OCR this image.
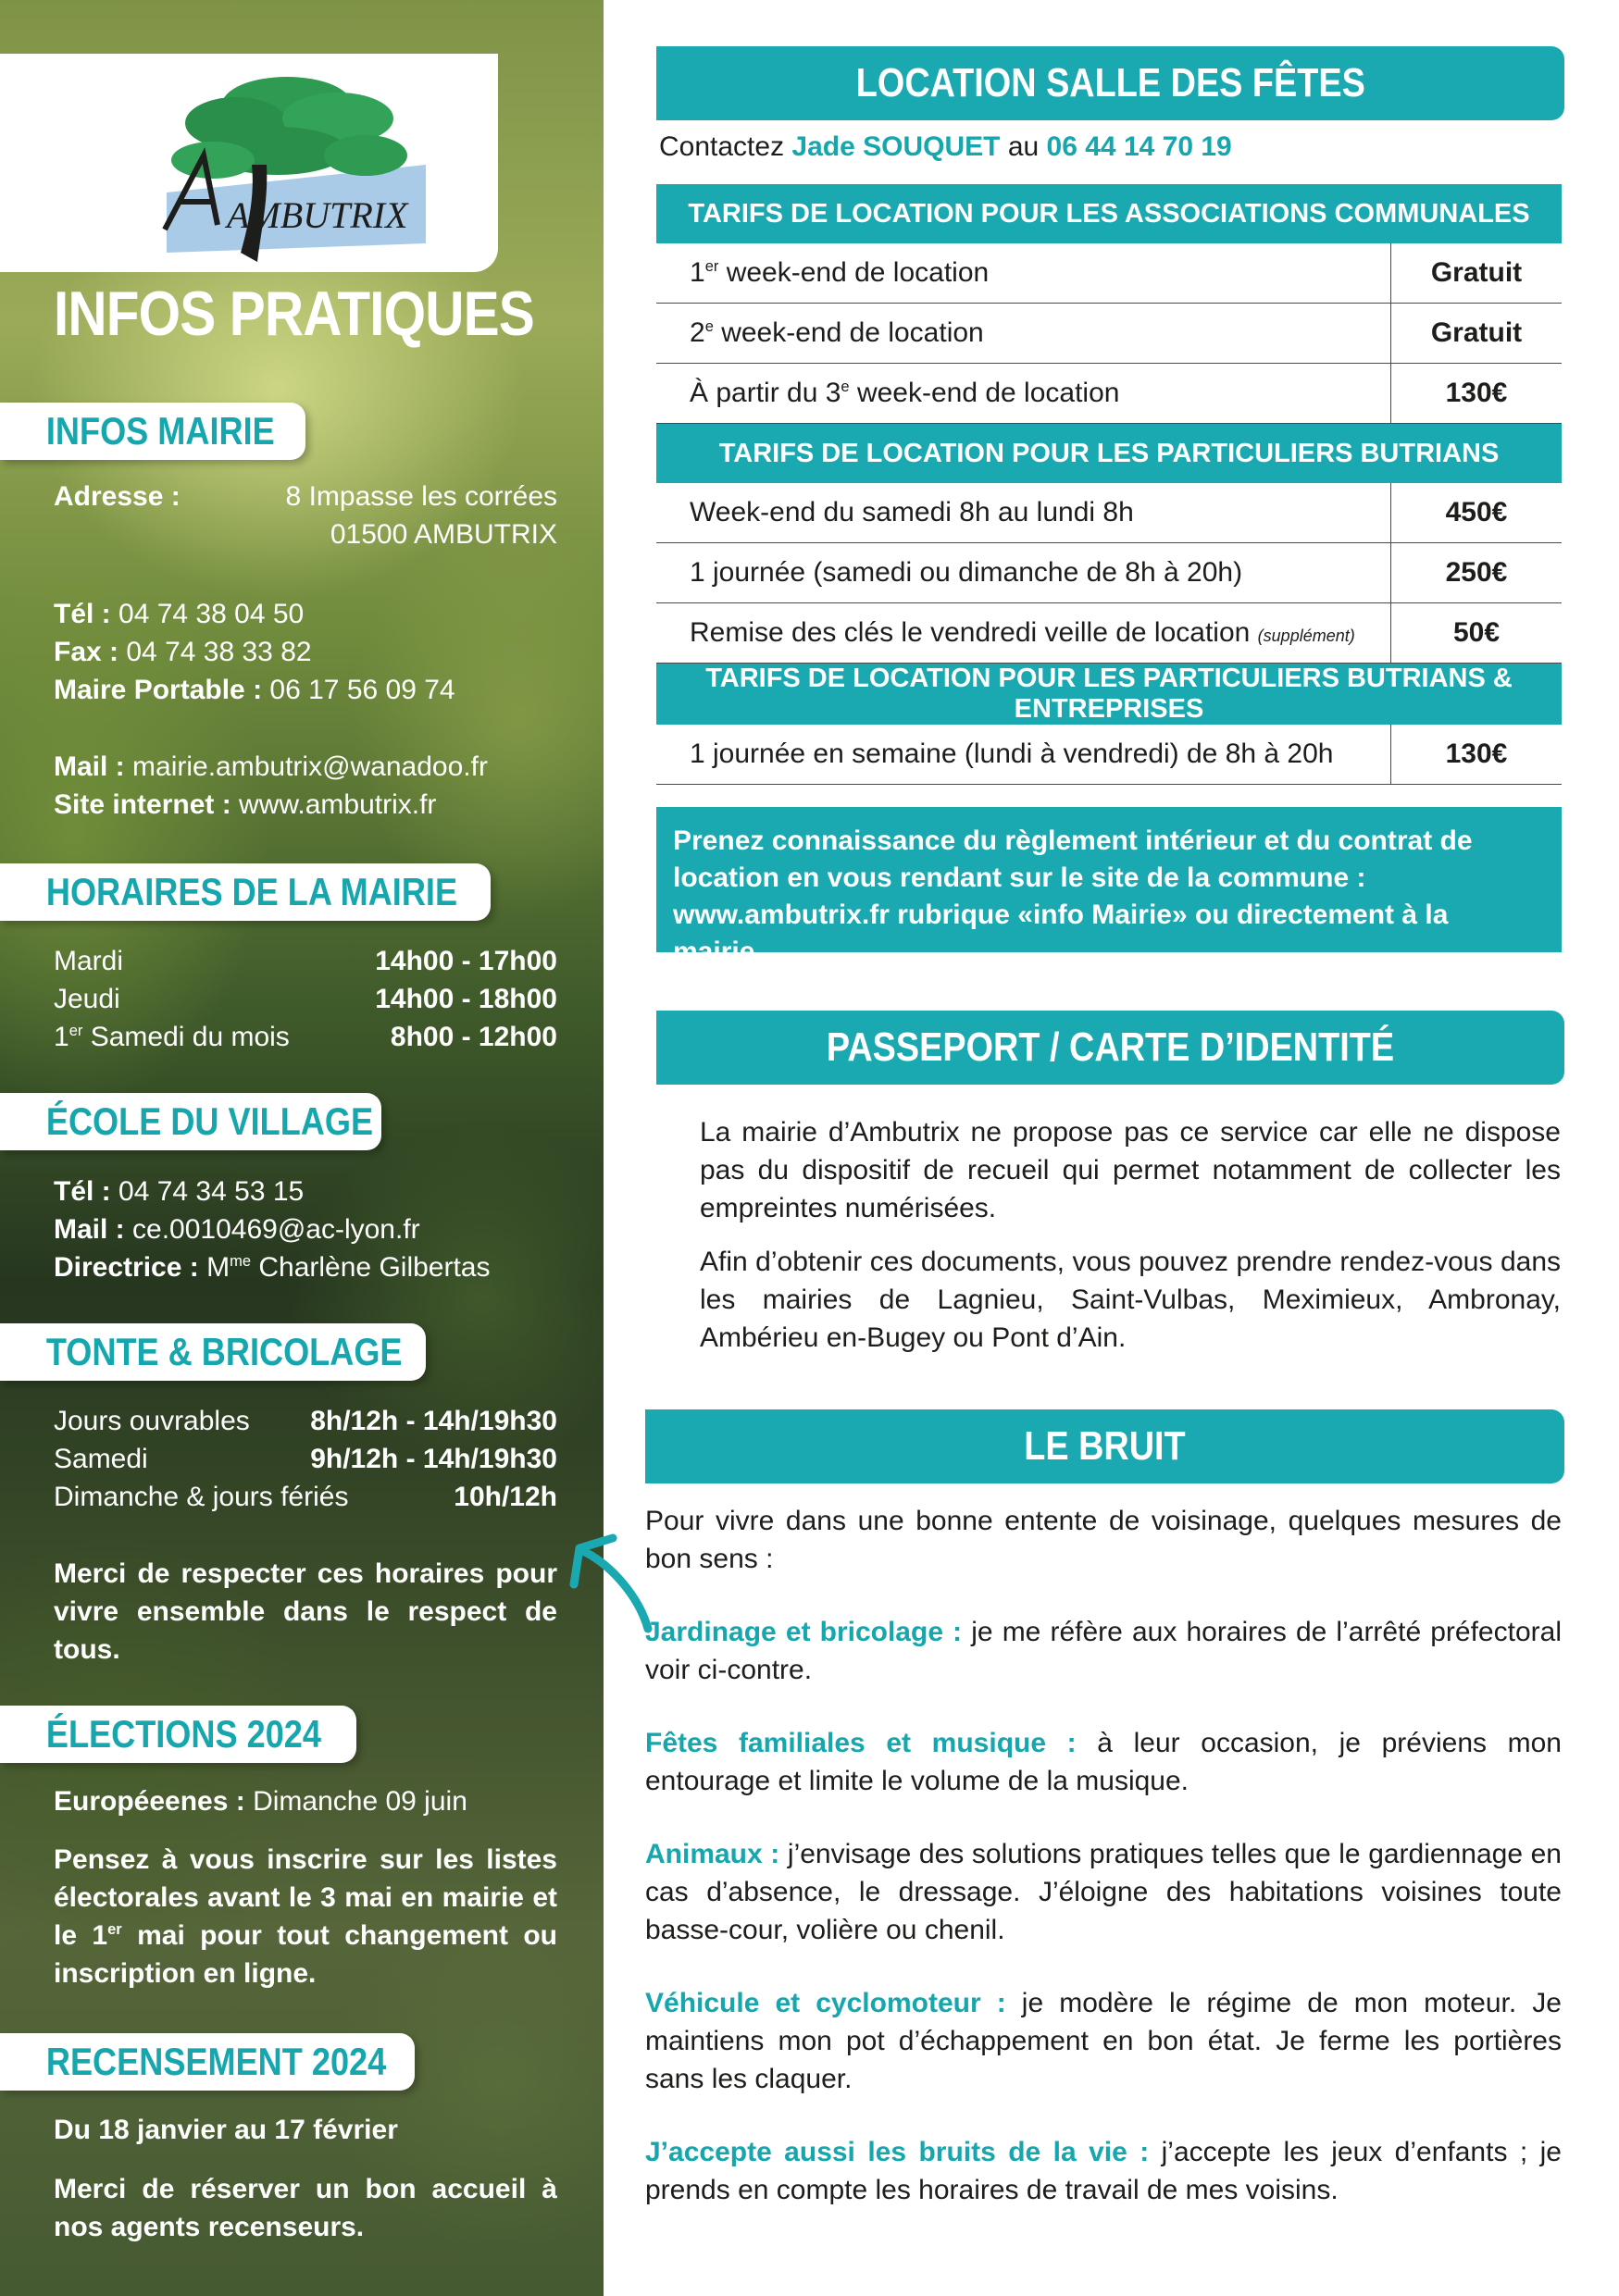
AMBUTRIX
INFOS PRATIQUES
INFOS MAIRIE
Adresse :	8 Impasse les corrées
01500 AMBUTRIX
Tél : 04 74 38 04 50
Fax : 04 74 38 33 82
Maire Portable : 06 17 56 09 74
Mail : mairie.ambutrix@wanadoo.fr
Site internet : www.ambutrix.fr
HORAIRES DE LA MAIRIE
Mardi	14h00 - 17h00
Jeudi	14h00 - 18h00
1er Samedi du mois	8h00 - 12h00
ÉCOLE DU VILLAGE
Tél : 04 74 34 53 15
Mail : ce.0010469@ac-lyon.fr
Directrice : $M^{me}$ Charlène Gilbertas
TONTE & BRICOLAGE
Jours ouvrables 8h/12h - 14h/19h30
Samedi	9h/12h - 14h/19h30
Dimanche & jours fériés	10h/12h
Merci de respecter ces horaires pour vivre ensemble dans le respect de tous.
ÉLECTIONS 2024
Européeenes : Dimanche 09 juin
Pensez à vous inscrire sur les listes électorales avant le 3 mai en mairie et le 1er mai pour tout changement ou inscription en ligne.
RECENSEMENT 2024
Du 18 janvier au 17 février
Merci de réserver un bon accueil à nos agents recenseurs.
LOCATION SALLE DES FÊTES
Contactez Jade SOUQUET au 06 44 14 70 19
TARIFS DE LOCATION POUR LES ASSOCIATIONS COMMUNALES	
1er week-end de location	Gratuit
2e week-end de location	Gratuit
À partir du 3e week-end de location	130€
TARIFS DE LOCATION POUR LES PARTICULIERS BUTRIANS	
Week-end du samedi 8h au lundi 8h	450€
1 journée (samedi ou dimanche de 8h à 20h)	250€
Remise des clés le vendredi veille de location (supplément)	50€
TARIFS DE LOCATION POUR LES PARTICULIERS BUTRIANS & ENTREPRISES	
1 journée en semaine (lundi à vendredi) de 8h à 20h	130€
Prenez connaissance du règlement intérieur et du contrat de location en vous rendant sur le site de la commune : www.ambutrix.fr rubrique «info Mairie» ou directement à la mairie.
PASSEPORT / CARTE D’IDENTITÉ

La mairie d’Ambutrix ne propose pas ce service car elle ne dispose pas du dispositif de recueil qui permet notamment de collecter les empreintes numérisées.

Afin d’obtenir ces documents, vous pouvez prendre rendez-vous dans les mairies de Lagnieu, Saint-Vulbas, Meximieux, Ambronay, Ambérieu en-Bugey ou Pont d’Ain.

LE BRUIT

Pour vivre dans une bonne entente de voisinage, quelques mesures de bon sens :

Jardinage et bricolage : je me réfère aux horaires de l’arrêté préfectoral voir ci-contre.

Fêtes familiales et musique : à leur occasion, je préviens mon entourage et limite le volume de la musique.

Animaux : j’envisage des solutions pratiques telles que le gardiennage en cas d’absence, le dressage. J’éloigne des habitations voisines toute basse-cour, volière ou chenil.

Véhicule et cyclomoteur : je modère le régime de mon moteur. Je maintiens mon pot d’échappement en bon état. Je ferme les portières sans les claquer.

J’accepte aussi les bruits de la vie : j’accepte les jeux d’enfants ; je prends en compte les horaires de travail de mes voisins.
